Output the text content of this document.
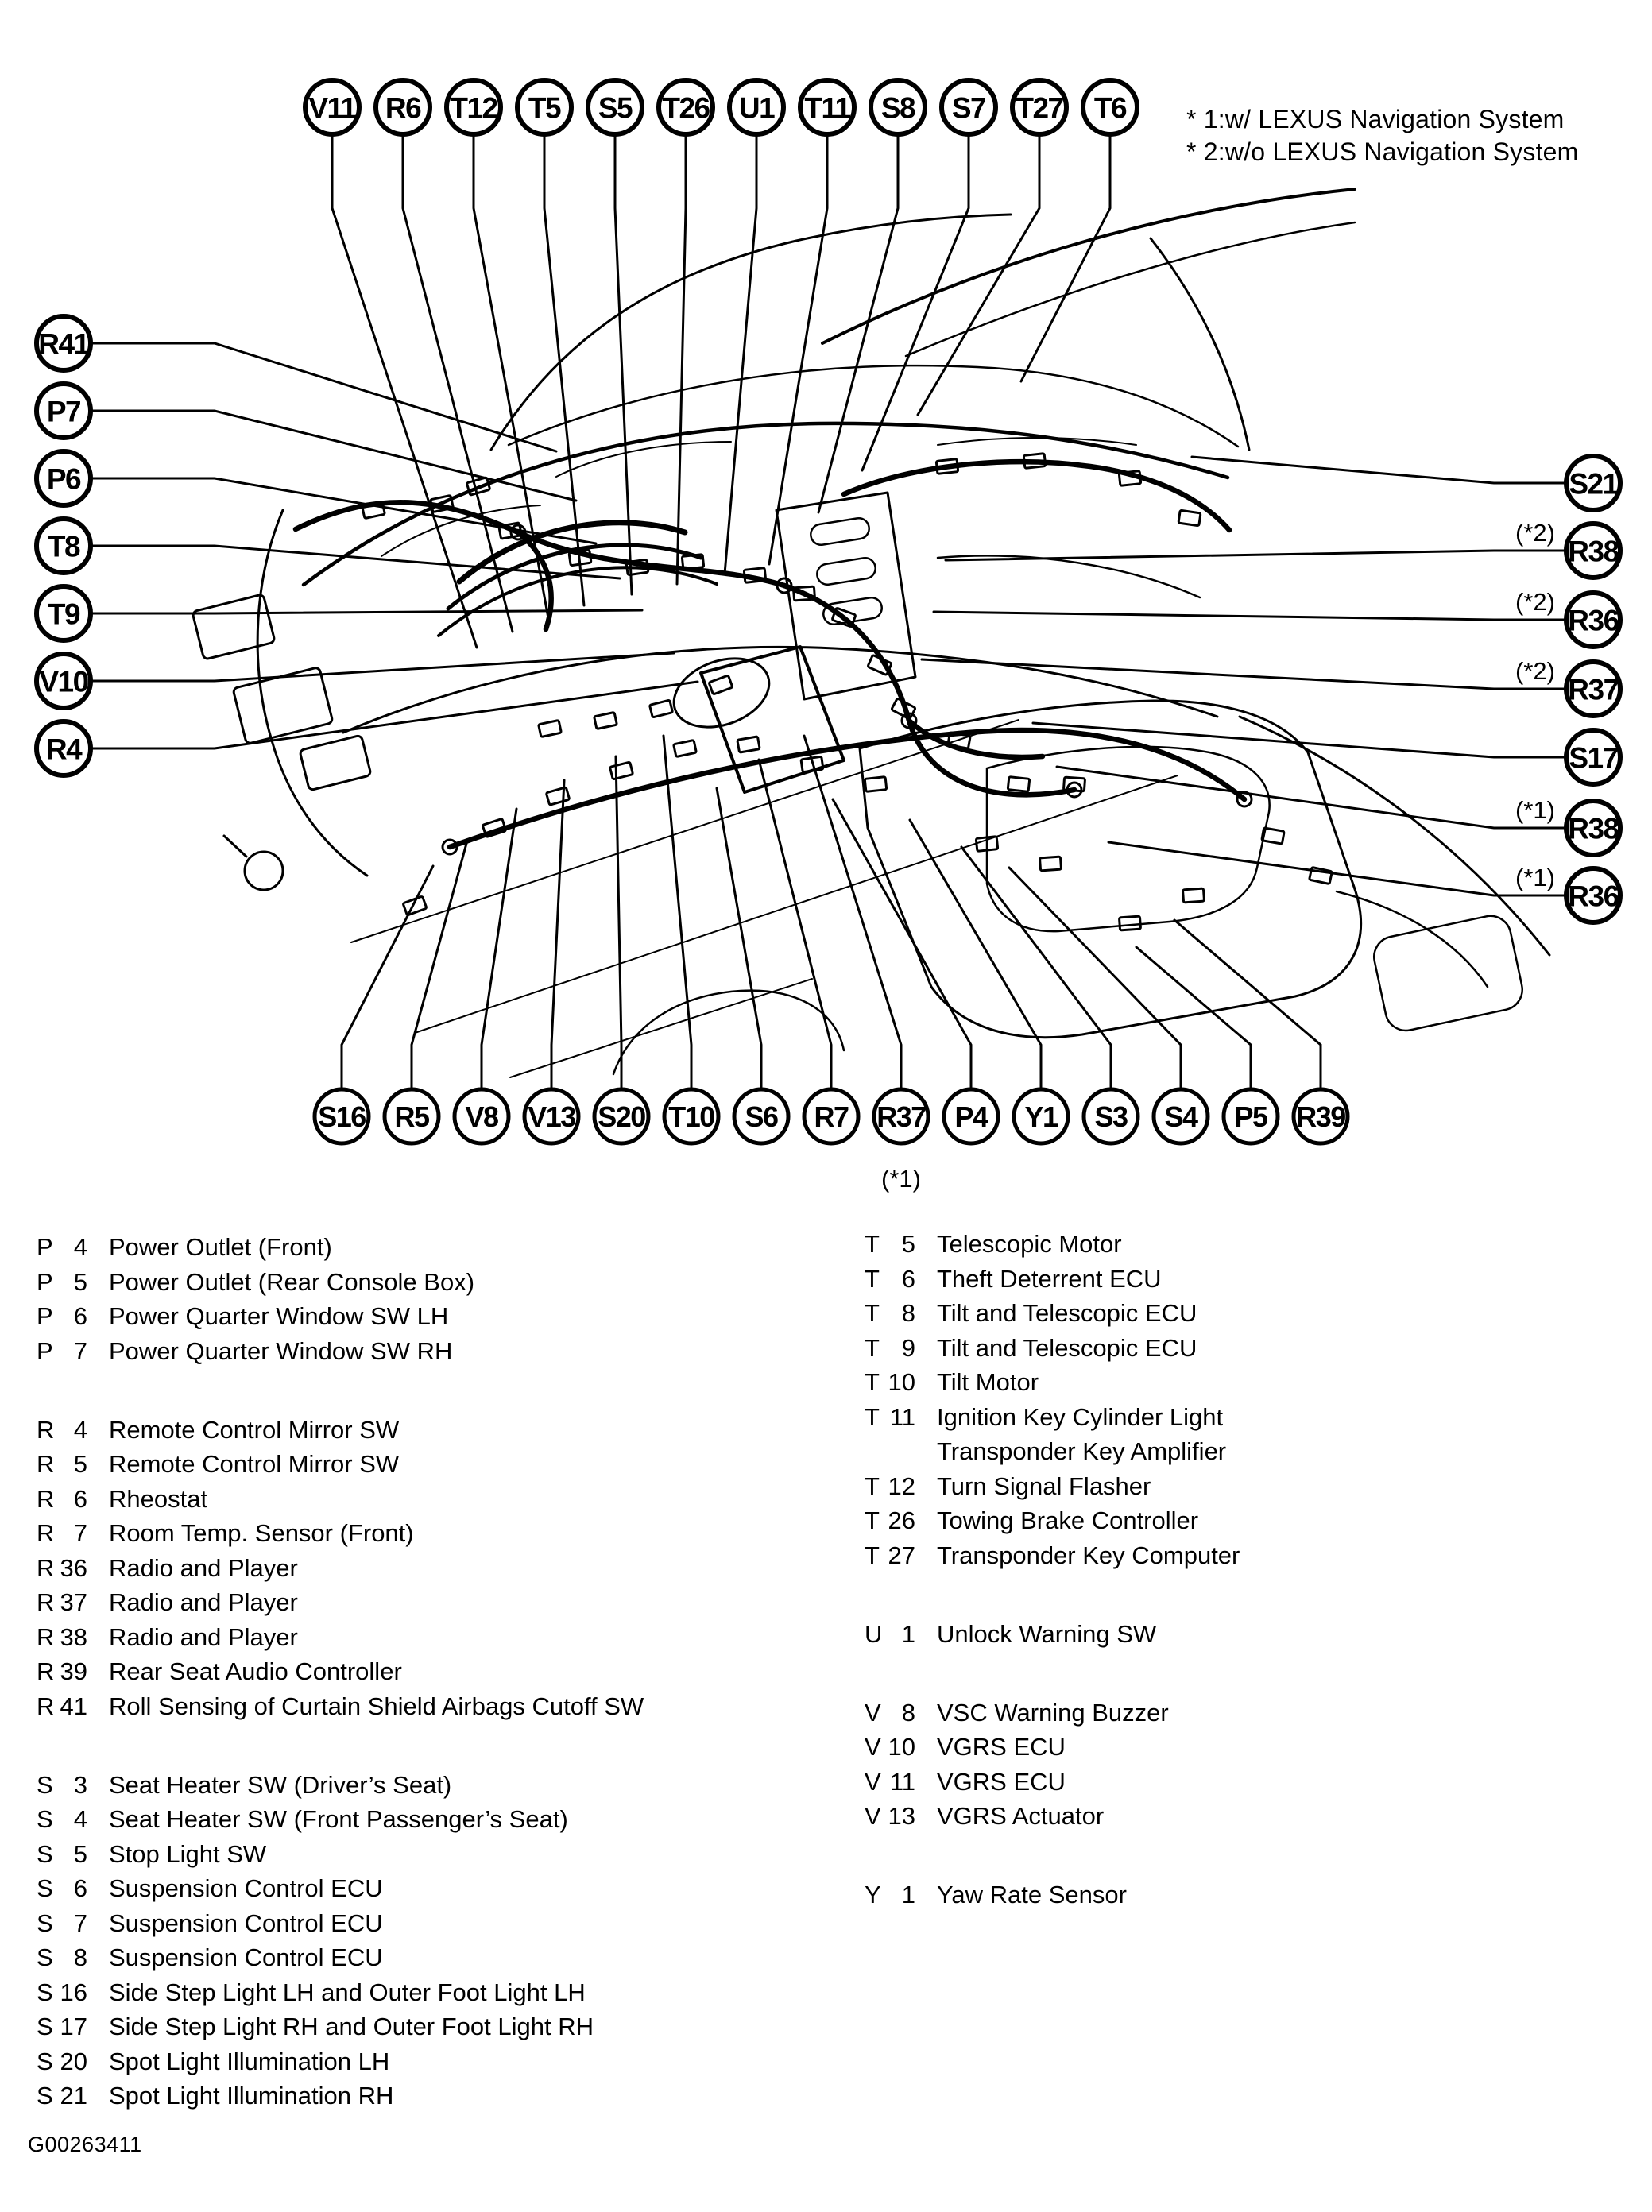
V11 R6 T12 T5 S5 T26 U1 T11 S8 S7 T27 T6
R41
P7
P6
T8
T9
V10
R4
S21
R38
(*2)
R36
(*2)
R37
(*2)
S17
R38
(*1)
R36
(*1)
S16 R5 V8 V13 S20 T10 S6 R7 R37
(*1)
P4 Y1 S3 S4 P5 R39
* 1:w/ LEXUS Navigation System
* 2:w/o LEXUS Navigation System
P 4 Power Outlet (Front)
P 5 Power Outlet (Rear Console Box)
P 6 Power Quarter Window SW LH
P 7 Power Quarter Window SW RH
R 4 Remote Control Mirror SW
R 5 Remote Control Mirror SW
R 6 Rheostat
R 7 Room Temp. Sensor (Front)
R 36 Radio and Player
R 37 Radio and Player
R 38 Radio and Player
R 39 Rear Seat Audio Controller
R 41 Roll Sensing of Curtain Shield Airbags Cutoff SW
S 3 Seat Heater SW (Driver’s Seat)
S 4 Seat Heater SW (Front Passenger’s Seat)
S 5 Stop Light SW
S 6 Suspension Control ECU
S 7 Suspension Control ECU
S 8 Suspension Control ECU
S 16 Side Step Light LH and Outer Foot Light LH
S 17 Side Step Light RH and Outer Foot Light RH
S 20 Spot Light Illumination LH
S 21 Spot Light Illumination RH
T 5 Telescopic Motor
T 6 Theft Deterrent ECU
T 8 Tilt and Telescopic ECU
T 9 Tilt and Telescopic ECU
T 10 Tilt Motor
T 11 Ignition Key Cylinder Light
Transponder Key Amplifier
T 12 Turn Signal Flasher
T 26 Towing Brake Controller
T 27 Transponder Key Computer
U 1 Unlock Warning SW
V 8 VSC Warning Buzzer
V 10 VGRS ECU
V 11 VGRS ECU
V 13 VGRS Actuator
Y 1 Yaw Rate Sensor
G00263411
